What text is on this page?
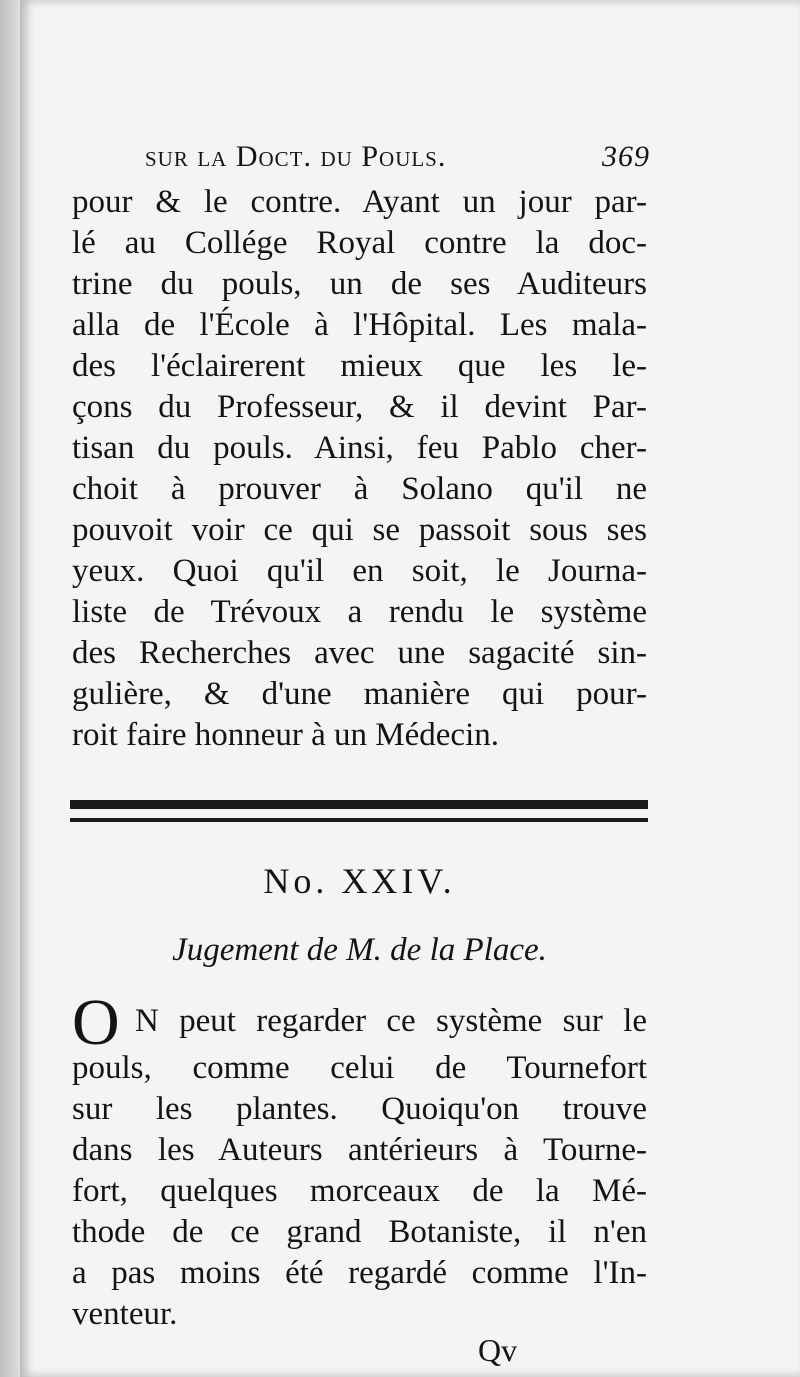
sur la Doct. du Pouls.	369
pour & le contre. Ayant un jour par-
lé au Collége Royal contre la doc-
trine du pouls, un de ses Auditeurs
alla de l'École à l'Hôpital. Les mala-
des l'éclairerent mieux que les le-
çons du Professeur, & il devint Par-
tisan du pouls. Ainsi, feu Pablo cher-
choit à prouver à Solano qu'il ne
pouvoit voir ce qui se passoit sous ses
yeux. Quoi qu'il en soit, le Journa-
liste de Trévoux a rendu le système
des Recherches avec une sagacité sin-
gulière, & d'une manière qui pour-
roit faire honneur à un Médecin.
No. XXIV.
Jugement de M. de la Place.
O N peut regarder ce système sur le
pouls, comme celui de Tournefort
sur les plantes. Quoiqu'on trouve
dans les Auteurs antérieurs à Tourne-
fort, quelques morceaux de la Mé-
thode de ce grand Botaniste, il n'en
a pas moins été regardé comme l'In-
venteur.
Qv
